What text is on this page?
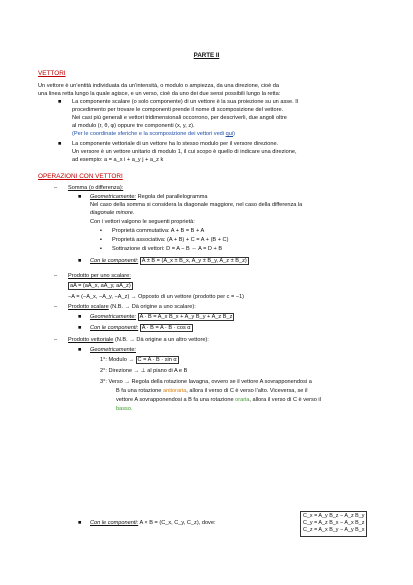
PARTE II
VETTORI
Un vettore è un’entità individuata da un’intensità, o modulo o ampiezza, da una direzione, cioè da
una linea retta lungo la quale agisce, e un verso, cioè da uno dei due sensi possibili lungo la retta:
■ La componente scalare (o solo componente) di un vettore è la sua proiezione su un asse. Il
procedimento per trovare le componenti prende il nome di scomposizione del vettore.
Nei casi più generali e vettori tridimensionali occorrono, per descriverli, due angoli oltre
al modulo (r, θ, φ) oppure tre componenti (x, y, z).
(Per le coordinate sferiche e la scomposizione dei vettori vedi qui)
■ La componente vettoriale di un vettore ha lo stesso modulo per il versore direzione.
Un versore è un vettore unitario di modulo 1, il cui scopo è quello di indicare una direzione,
ad esempio: a = a_x i + a_y j + a_z k
OPERAZIONI CON VETTORI
– Somma (o differenza):
■ Geometricamente: Regola del parallelogramma
Nel caso della somma si considera la diagonale maggiore, nel caso della differenza la
diagonale minore.
Con i vettori valgono le seguenti proprietà:
▪ Proprietà commutativa: A + B = B + A
▪ Proprietà associativa: (A + B) + C = A + (B + C)
▪ Sottrazione di vettori: D = A − B ⇔ A = D + B
■ Con le componenti: A ± B = (A_x ± B_x, A_y ± B_y, A_z ± B_z)
– Prodotto per uno scalare:
aA = (aA_x, aA_y, aA_z)
−A = (−A_x, −A_y, −A_z) → Opposto di un vettore (prodotto per c = −1)
– Prodotto scalare (N.B. → Dà origine a uno scalare):
■ Geometricamente: A · B = A_x B_x + A_y B_y + A_z B_z
■ Con le componenti: A · B = A · B · cos α
– Prodotto vettoriale (N.B. → Dà origine a un altro vettore):
■ Geometricamente:
1°: Modulo → C = A · B · sin α
2°: Direzione → ⊥ al piano di A e B
3°: Verso → Regola della rotazione lavagna, ovvero se il vettore A sovrapponendosi a
B fa una rotazione antioraria, allora il verso di C è verso l’alto. Viceversa, se il
vettore A sovrapponendosi a B fa una rotazione oraria, allora il verso di C è verso il
basso.
■ Con le componenti: A × B = (C_x, C_y, C_z), dove:
C_x = A_y B_z − A_z B_y
C_y = A_z B_x − A_x B_z
C_z = A_x B_y − A_y B_x
